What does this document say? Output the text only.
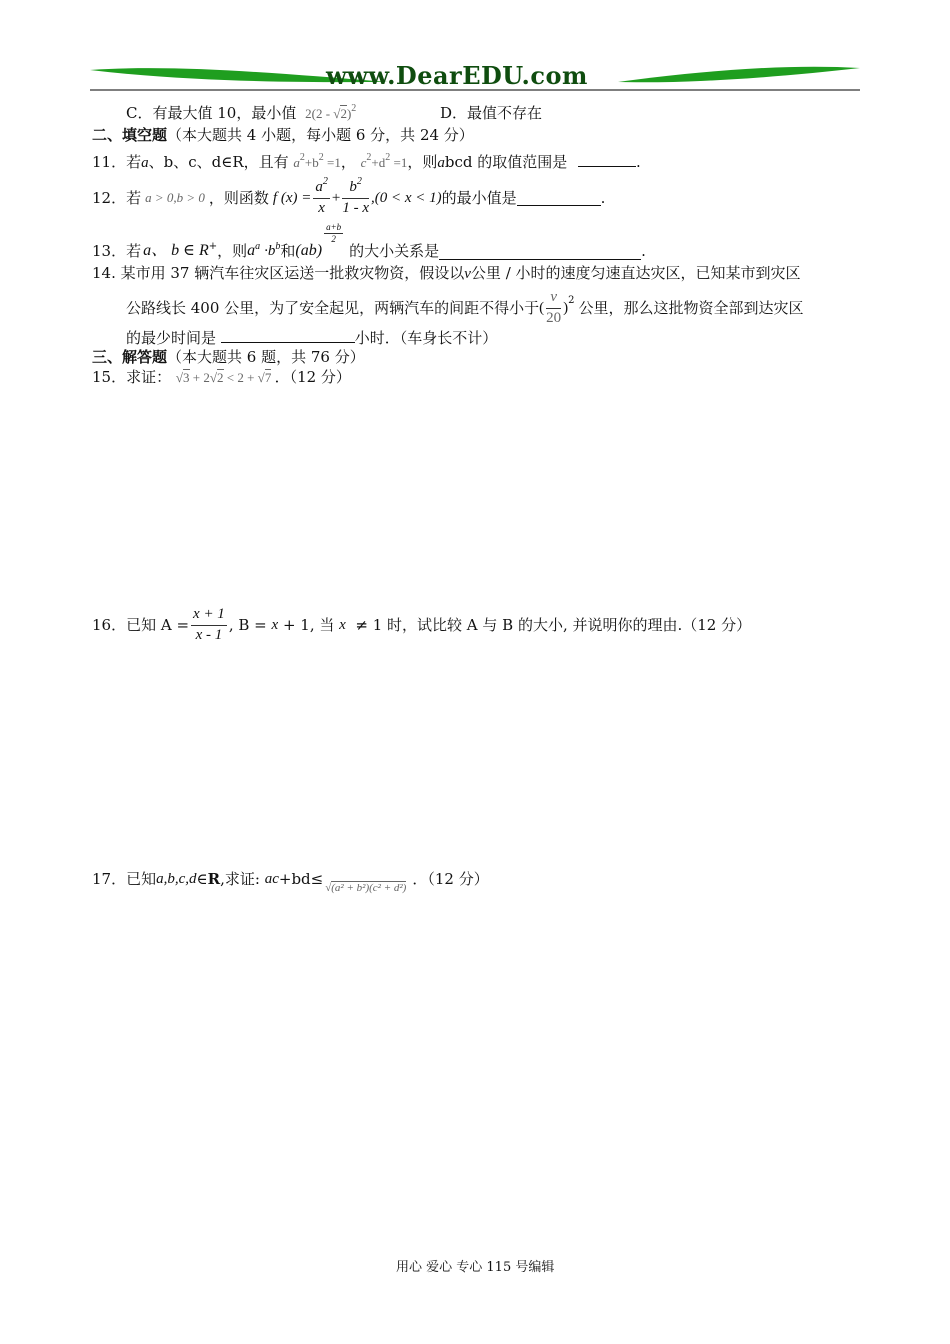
www.DearEDU.com
C．有最大值 10，最小值 2(2 - √2)$^2$	D．最值不存在
二、填空题（本大题共 4 小题，每小题 6 分，共 24 分）
11．若a、b、c、d∈R，且有 $a^2+b^2 =1$， $c^2+d^2 =1$，则abcd 的取值范围是	.
12． 若 a > 0,b > 0 ，则函数 f $(x) = \frac{a^2}{x} + \frac{b^2}{1 - x} ,(0 < x < 1)$ 的最小值是	.
13． 若 a、 b ∈ R + ，则 a a ·b b 和 (ab)
$\frac{a+b}{2}$
的大小关系是	.
14. 某市用 37 辆汽车往灾区运送一批救灾物资，假设以v公里 / 小时的速度匀速直达灾区，已知某市到灾区
公路线长 400 公里，为了安全起见，两辆汽车的间距不得小于 ( $\frac{v}{20}$ ) 2 公里，那么这批物资全部到达灾区
的最少时间是	小时．（车身长不计）
三、解答题（本大题共 6 题，共 76 分）
15．求证： √3 + 2√2 < 2 + √7 ．（12 分）
16．已知 $A = \frac{x + 1}{x - 1}$ , B =
x
+ 1, 当
x
≠ 1 时，试比较 A 与 B 的大小, 并说明你的理由.（12 分）
17．已知 a,b,c,d ∈ R ,求证:
ac +bd≤ √(a² + b²)(c² + d²) ．（12 分）
用心 爱心 专心 115 号编辑
